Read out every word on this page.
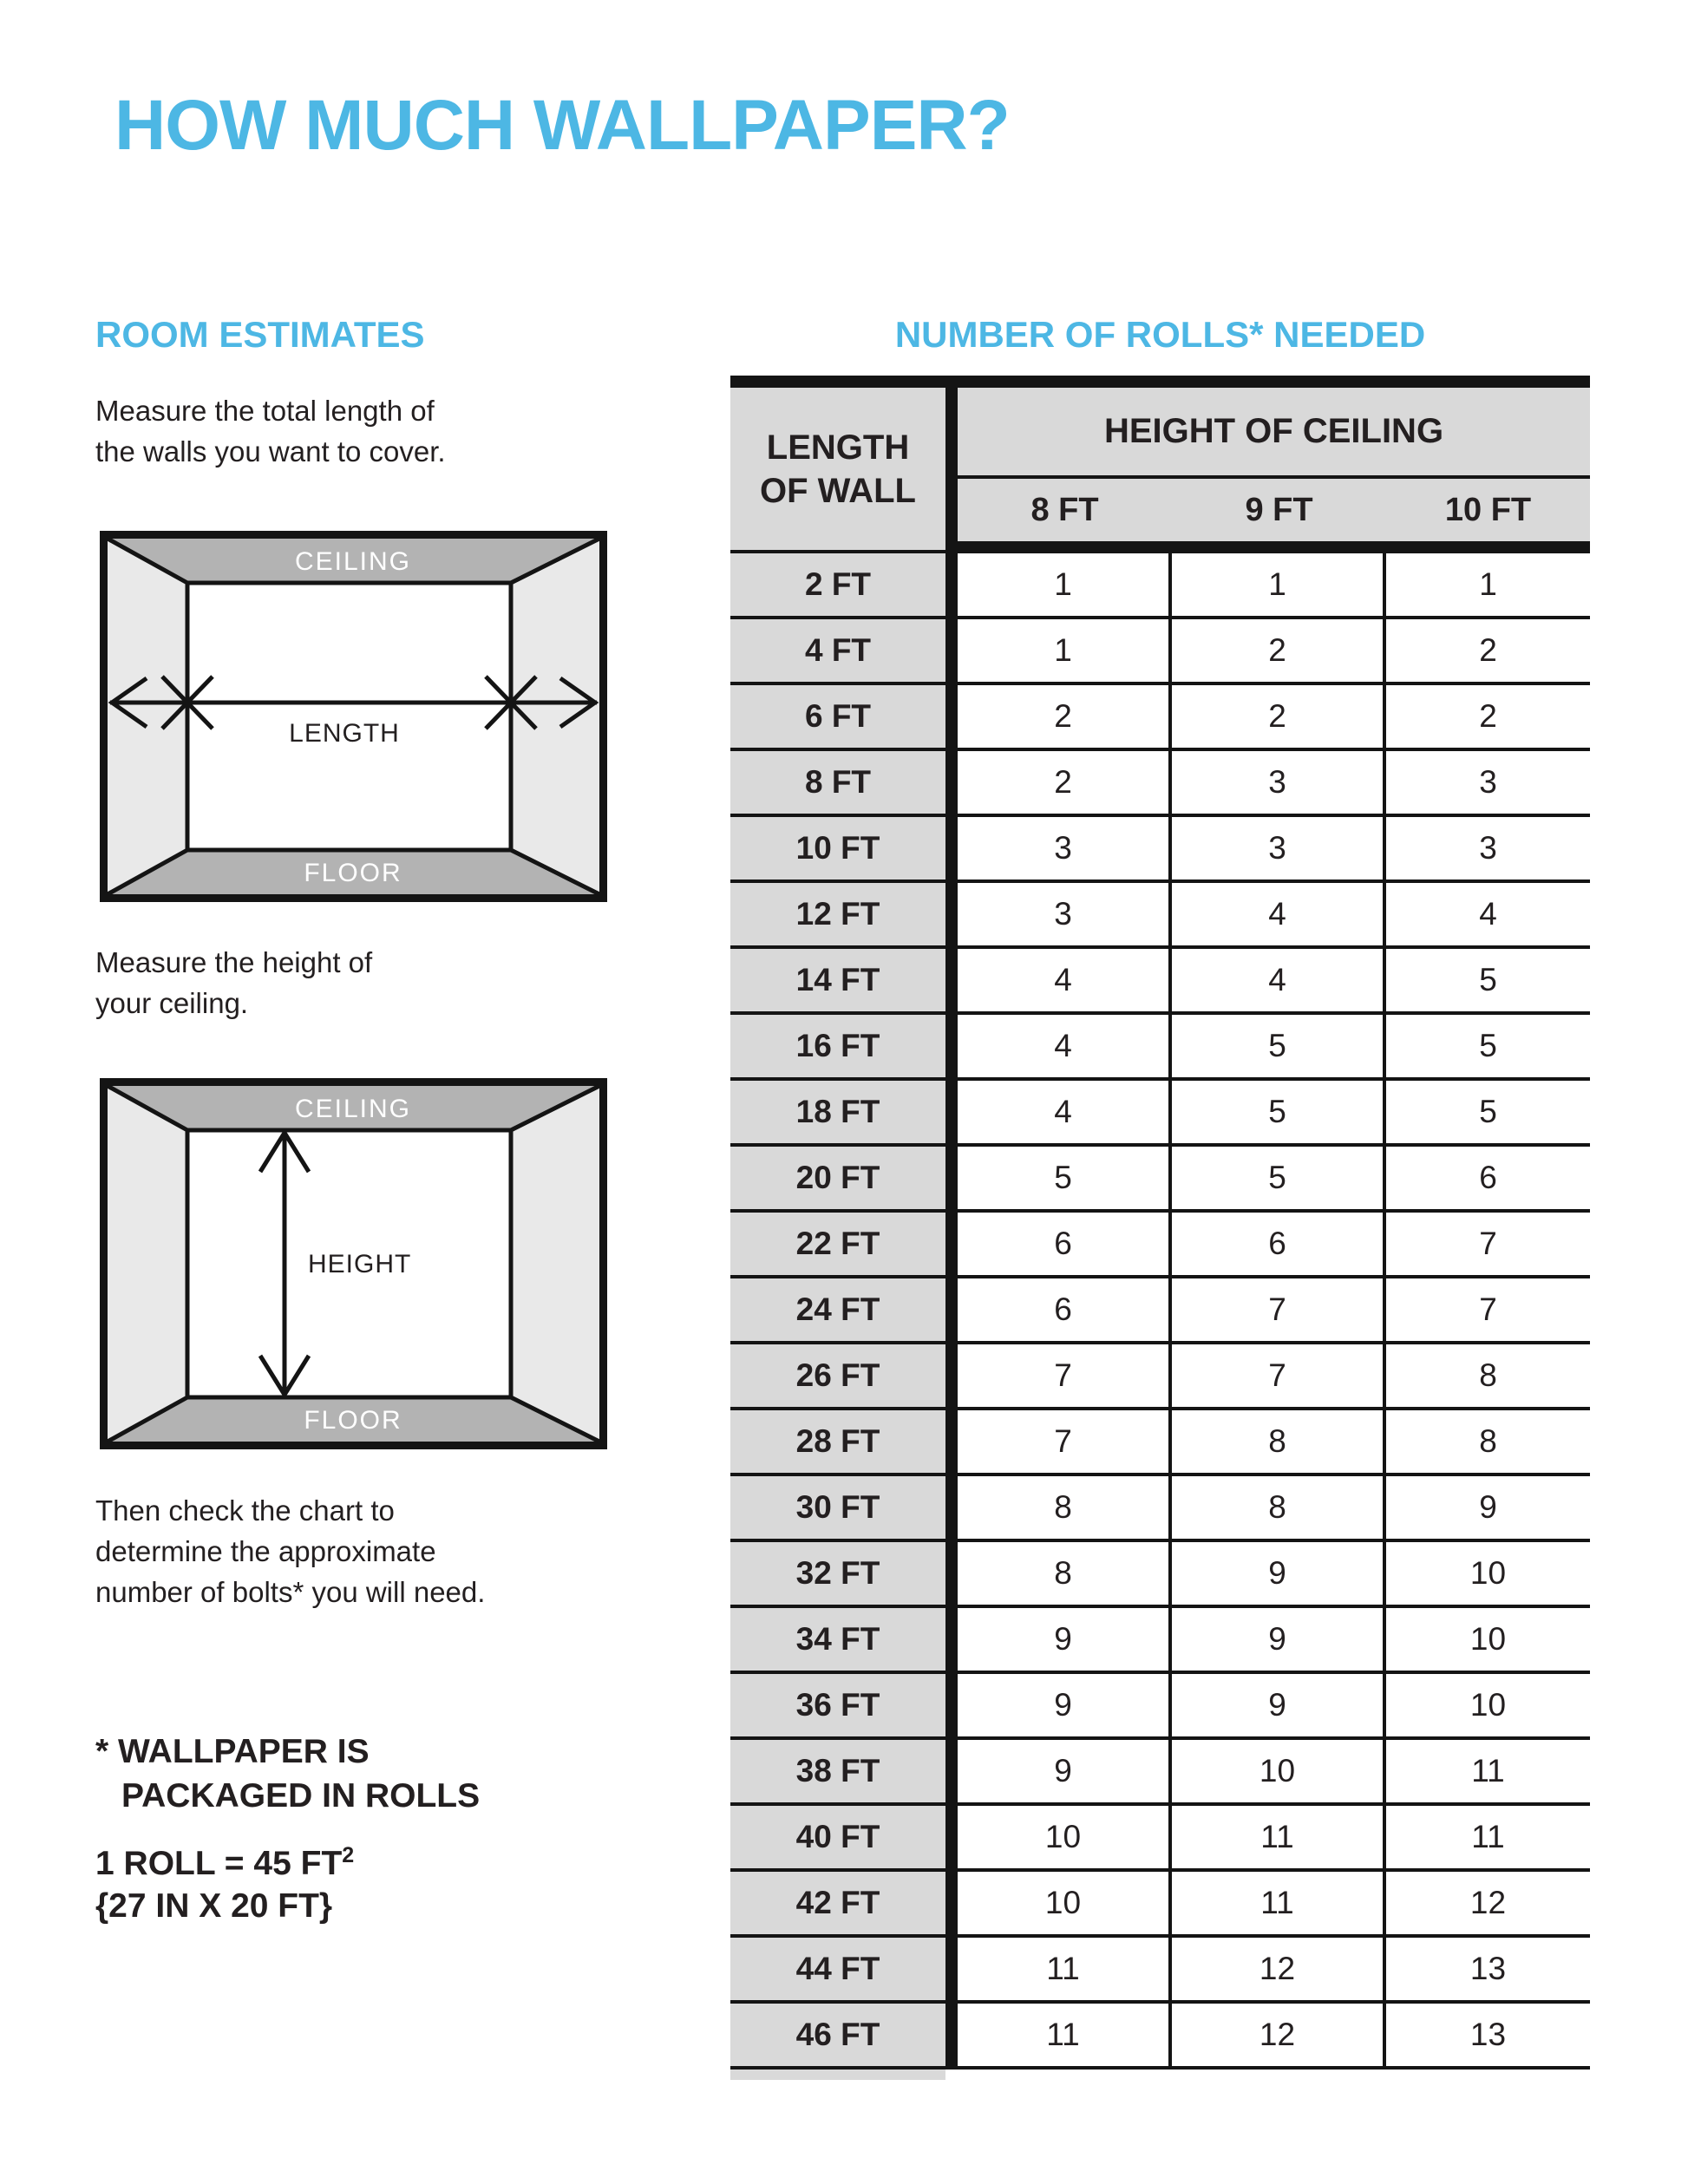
HOW MUCH WALLPAPER?
ROOM ESTIMATES	NUMBER OF ROLLS* NEEDED
Measure the total length of
the walls you want to cover.
CEILING
FLOOR
LENGTH
Measure the height of
your ceiling.
CEILING
FLOOR
HEIGHT
Then check the chart to
determine the approximate
number of bolts* you will need.
* WALLPAPER IS
PACKAGED IN ROLLS
1 ROLL = 45 $FT^2$
{27 IN X 20 FT}
LENGTH
OF WALL	HEIGHT OF CEILING		
	8 FT	9 FT	10 FT
2 FT	1	1	1
4 FT	1	2	2
6 FT	2	2	2
8 FT	2	3	3
10 FT	3	3	3
12 FT	3	4	4
14 FT	4	4	5
16 FT	4	5	5
18 FT	4	5	5
20 FT	5	5	6
22 FT	6	6	7
24 FT	6	7	7
26 FT	7	7	8
28 FT	7	8	8
30 FT	8	8	9
32 FT	8	9	10
34 FT	9	9	10
36 FT	9	9	10
38 FT	9	10	11
40 FT	10	11	11
42 FT	10	11	12
44 FT	11	12	13
46 FT	11	12	13
